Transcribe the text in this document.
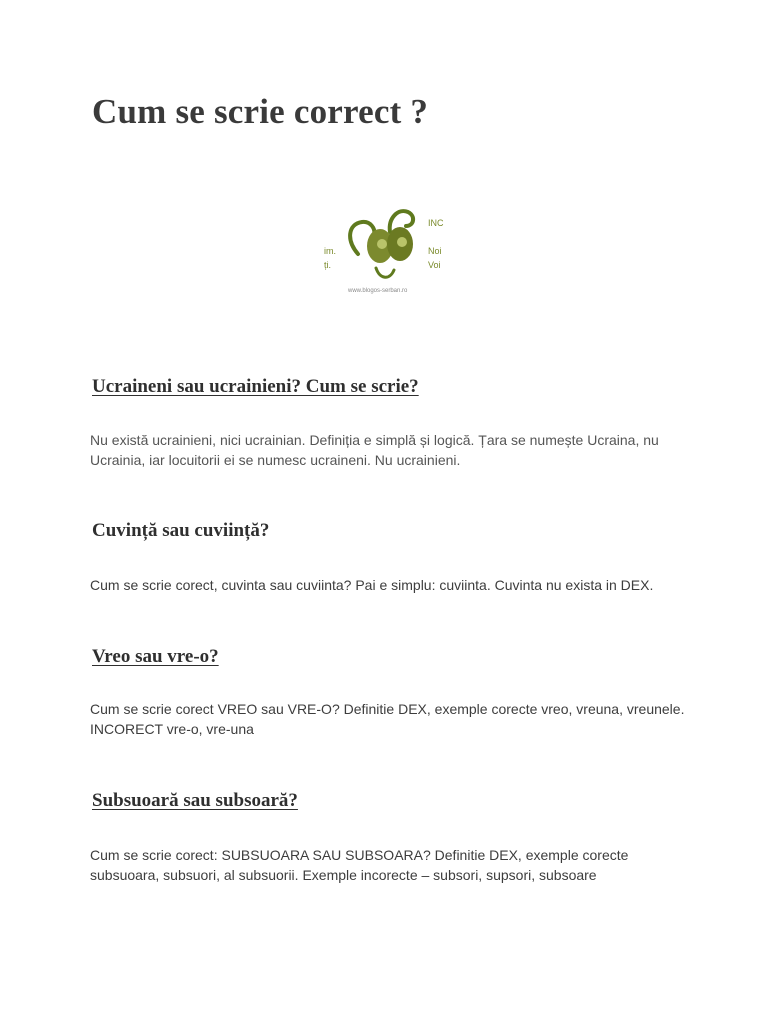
Cum se scrie correct ?
INC
Noi
Voi
im.
ți.
www.blogos-serban.ro
Ucraineni sau ucrainieni? Cum se scrie?

Nu există ucrainieni, nici ucrainian. Definiția e simplă și logică. Țara se numește Ucraina, nu Ucrainia, iar locuitorii ei se numesc ucraineni. Nu ucrainieni.

Cuvință sau cuviință?

Cum se scrie corect, cuvinta sau cuviinta? Pai e simplu: cuviinta. Cuvinta nu exista in DEX.

Vreo sau vre-o?

Cum se scrie corect VREO sau VRE-O? Definitie DEX, exemple corecte vreo, vreuna, vreunele. INCORECT vre-o, vre-una

Subsuoară sau subsoară?

Cum se scrie corect: SUBSUOARA SAU SUBSOARA? Definitie DEX, exemple corecte subsuoara, subsuori, al subsuorii. Exemple incorecte – subsori, supsori, subsoare
